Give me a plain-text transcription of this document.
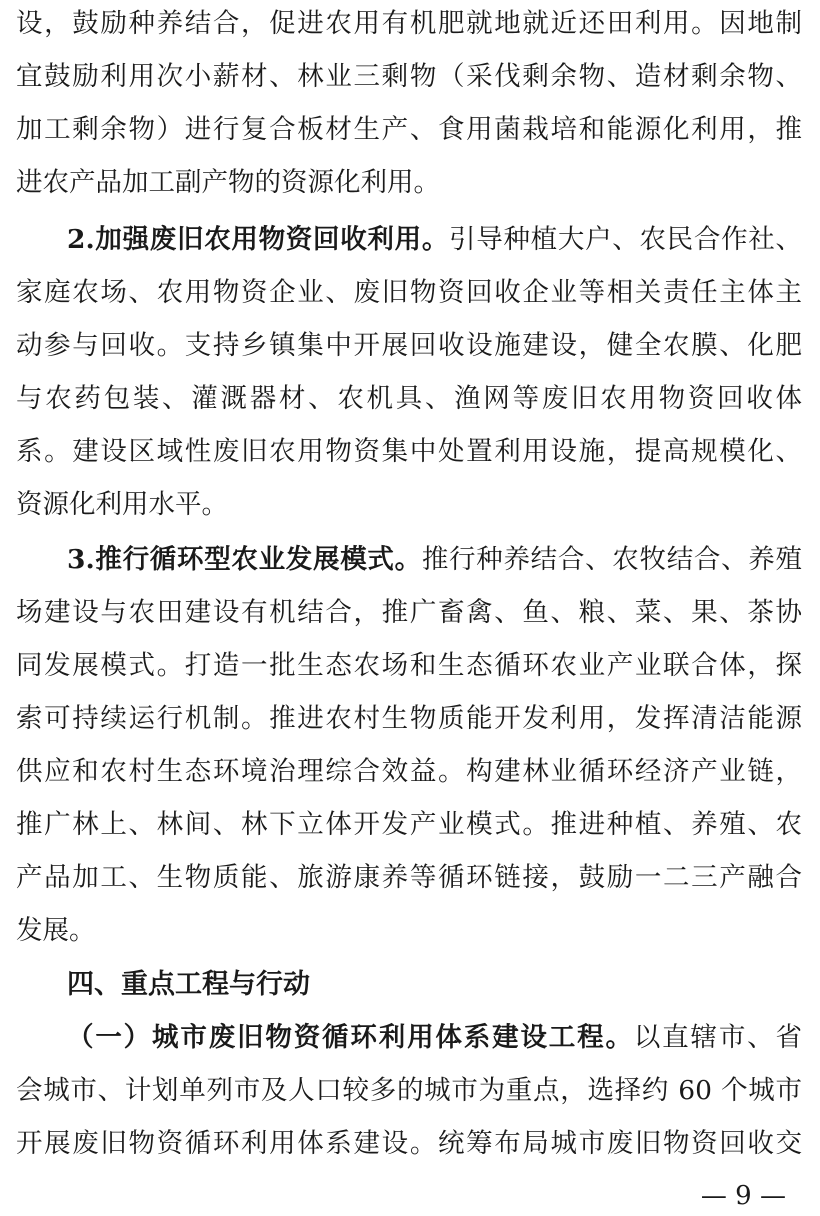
设，鼓励种养结合，促进农用有机肥就地就近还田利用。因地制
宜鼓励利用次小薪材、林业三剩物（采伐剩余物、造材剩余物、
加工剩余物）进行复合板材生产、食用菌栽培和能源化利用，推
进农产品加工副产物的资源化利用。
2.加强废旧农用物资回收利用。引导种植大户、农民合作社、
家庭农场、农用物资企业、废旧物资回收企业等相关责任主体主
动参与回收。支持乡镇集中开展回收设施建设，健全农膜、化肥
与农药包装、灌溉器材、农机具、渔网等废旧农用物资回收体
系。建设区域性废旧农用物资集中处置利用设施，提高规模化、
资源化利用水平。
3.推行循环型农业发展模式。推行种养结合、农牧结合、养殖
场建设与农田建设有机结合，推广畜禽、鱼、粮、菜、果、茶协
同发展模式。打造一批生态农场和生态循环农业产业联合体，探
索可持续运行机制。推进农村生物质能开发利用，发挥清洁能源
供应和农村生态环境治理综合效益。构建林业循环经济产业链，
推广林上、林间、林下立体开发产业模式。推进种植、养殖、农
产品加工、生物质能、旅游康养等循环链接，鼓励一二三产融合
发展。
四、重点工程与行动
（一）城市废旧物资循环利用体系建设工程。以直辖市、省
会城市、计划单列市及人口较多的城市为重点，选择约 60 个城市
开展废旧物资循环利用体系建设。统筹布局城市废旧物资回收交
— 9 —
